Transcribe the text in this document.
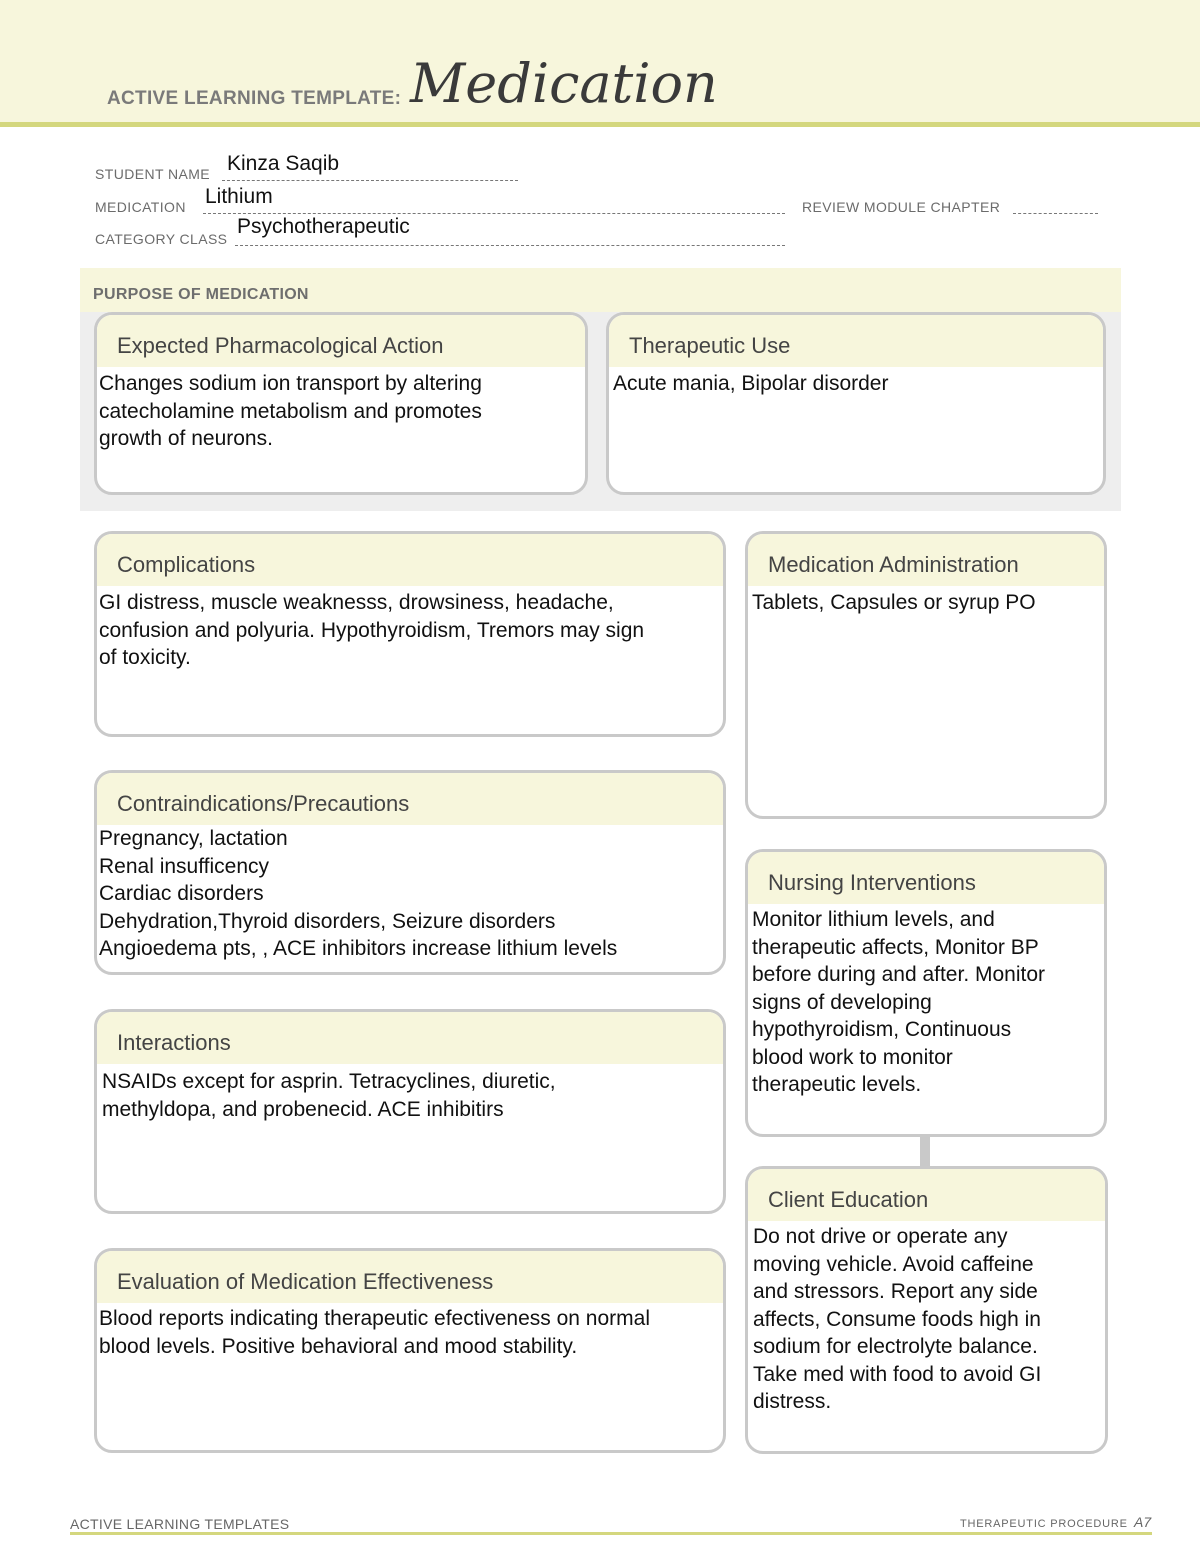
ACTIVE LEARNING TEMPLATE: Medication
STUDENT NAME Kinza Saqib
MEDICATION Lithium	REVIEW MODULE CHAPTER
CATEGORY CLASS
Psychotherapeutic
PURPOSE OF MEDICATION
Expected Pharmacological Action
Changes sodium ion transport by altering
catecholamine metabolism and promotes
growth of neurons.
Therapeutic Use
Acute mania, Bipolar disorder
Complications
GI distress, muscle weaknesss, drowsiness, headache,
confusion and polyuria. Hypothyroidism, Tremors may sign
of toxicity.
Medication Administration
Tablets, Capsules or syrup PO
Contraindications/Precautions
Pregnancy, lactation
Renal insufficency
Cardiac disorders
Dehydration,Thyroid disorders, Seizure disorders
Angioedema pts, , ACE inhibitors increase lithium levels
Nursing Interventions
Monitor lithium levels, and
therapeutic affects, Monitor BP
before during and after. Monitor
signs of developing
hypothyroidism, Continuous
blood work to monitor
therapeutic levels.
Interactions
NSAIDs except for asprin. Tetracyclines, diuretic,
methyldopa, and probenecid. ACE inhibitirs
Client Education
Do not drive or operate any
moving vehicle. Avoid caffeine
and stressors. Report any side
affects, Consume foods high in
sodium for electrolyte balance.
Take med with food to avoid GI
distress.
Evaluation of Medication Effectiveness
Blood reports indicating therapeutic efectiveness on normal
blood levels. Positive behavioral and mood stability.
ACTIVE LEARNING TEMPLATES	THERAPEUTIC PROCEDURE A7
